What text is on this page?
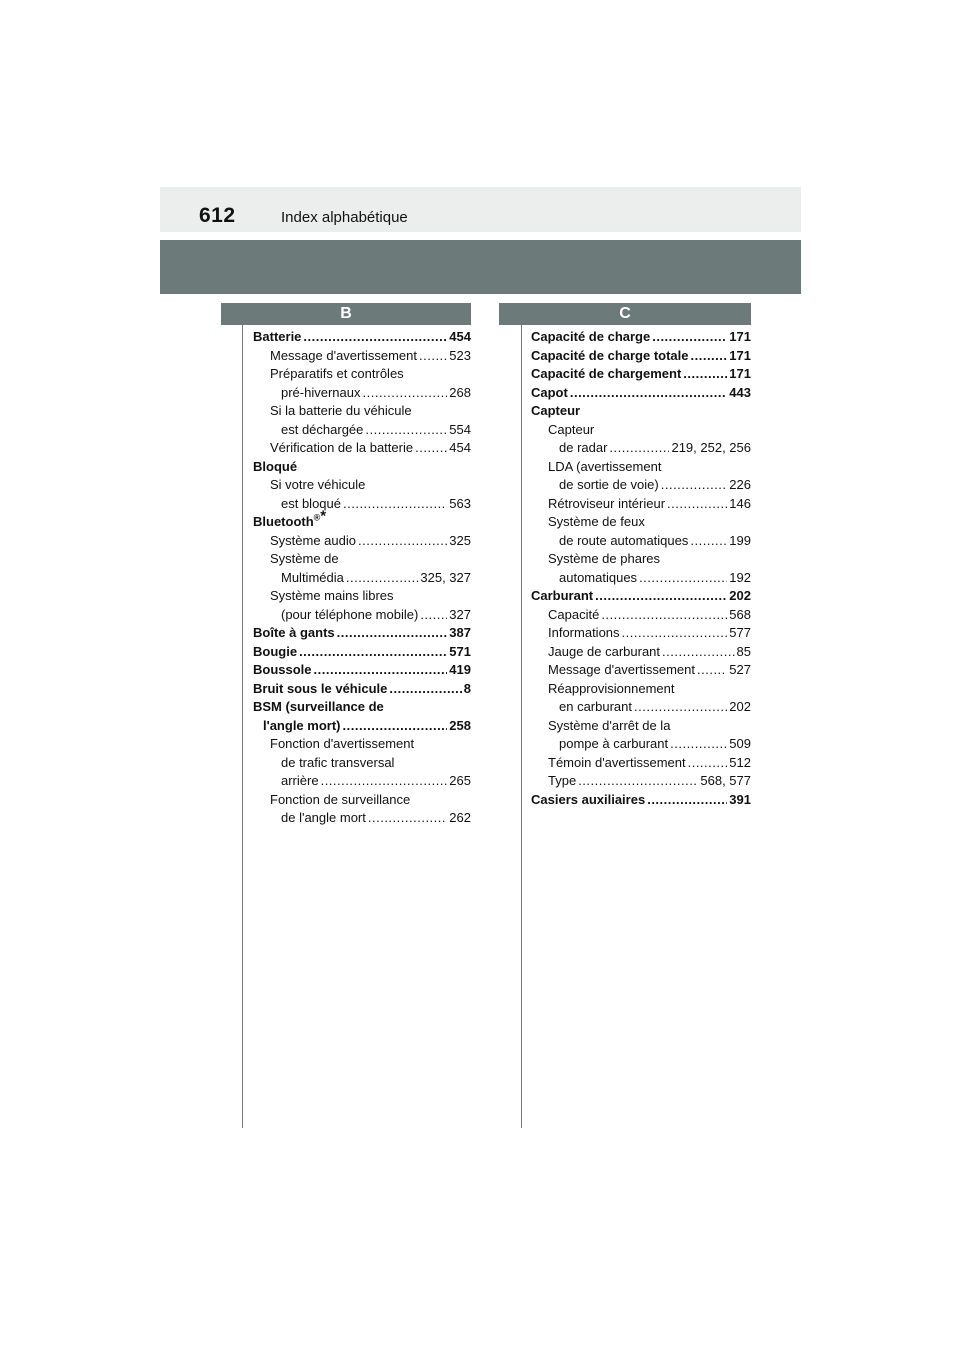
612	Index alphabétique
B	C
Batterie .....	454
Message d'avertissement ..... 523
Préparatifs et contrôles
pré-hivernaux .....	268
Si la batterie du véhicule
est déchargée .....	554
Vérification de la batterie .....	454
Bloqué
Si votre véhicule
est bloqué .....	563
Bluetooth®*
Système audio .....	325
Système de
Multimédia .....	325, 327
Système mains libres
(pour téléphone mobile) ..... 327
Boîte à gants .....	387
Bougie .....	571
Boussole .....	419
Bruit sous le véhicule .....	8
BSM (surveillance de
l'angle mort) .....	258
Fonction d'avertissement
de trafic transversal
arrière .....	265
Fonction de surveillance
de l'angle mort .....	262
Capacité de charge .....	171
Capacité de charge totale .....	171
Capacité de chargement .....	171
Capot .....	443
Capteur
Capteur
de radar .....	219, 252, 256
LDA (avertissement
de sortie de voie) .....	226
Rétroviseur intérieur .....	146
Système de feux
de route automatiques .....	199
Système de phares
automatiques .....	192
Carburant .....	202
Capacité .....	568
Informations .....	577
Jauge de carburant .....	85
Message d'avertissement .....	527
Réapprovisionnement
en carburant .....	202
Système d'arrêt de la
pompe à carburant .....	509
Témoin d'avertissement .....	512
Type .....	568, 577
Casiers auxiliaires .....	391
